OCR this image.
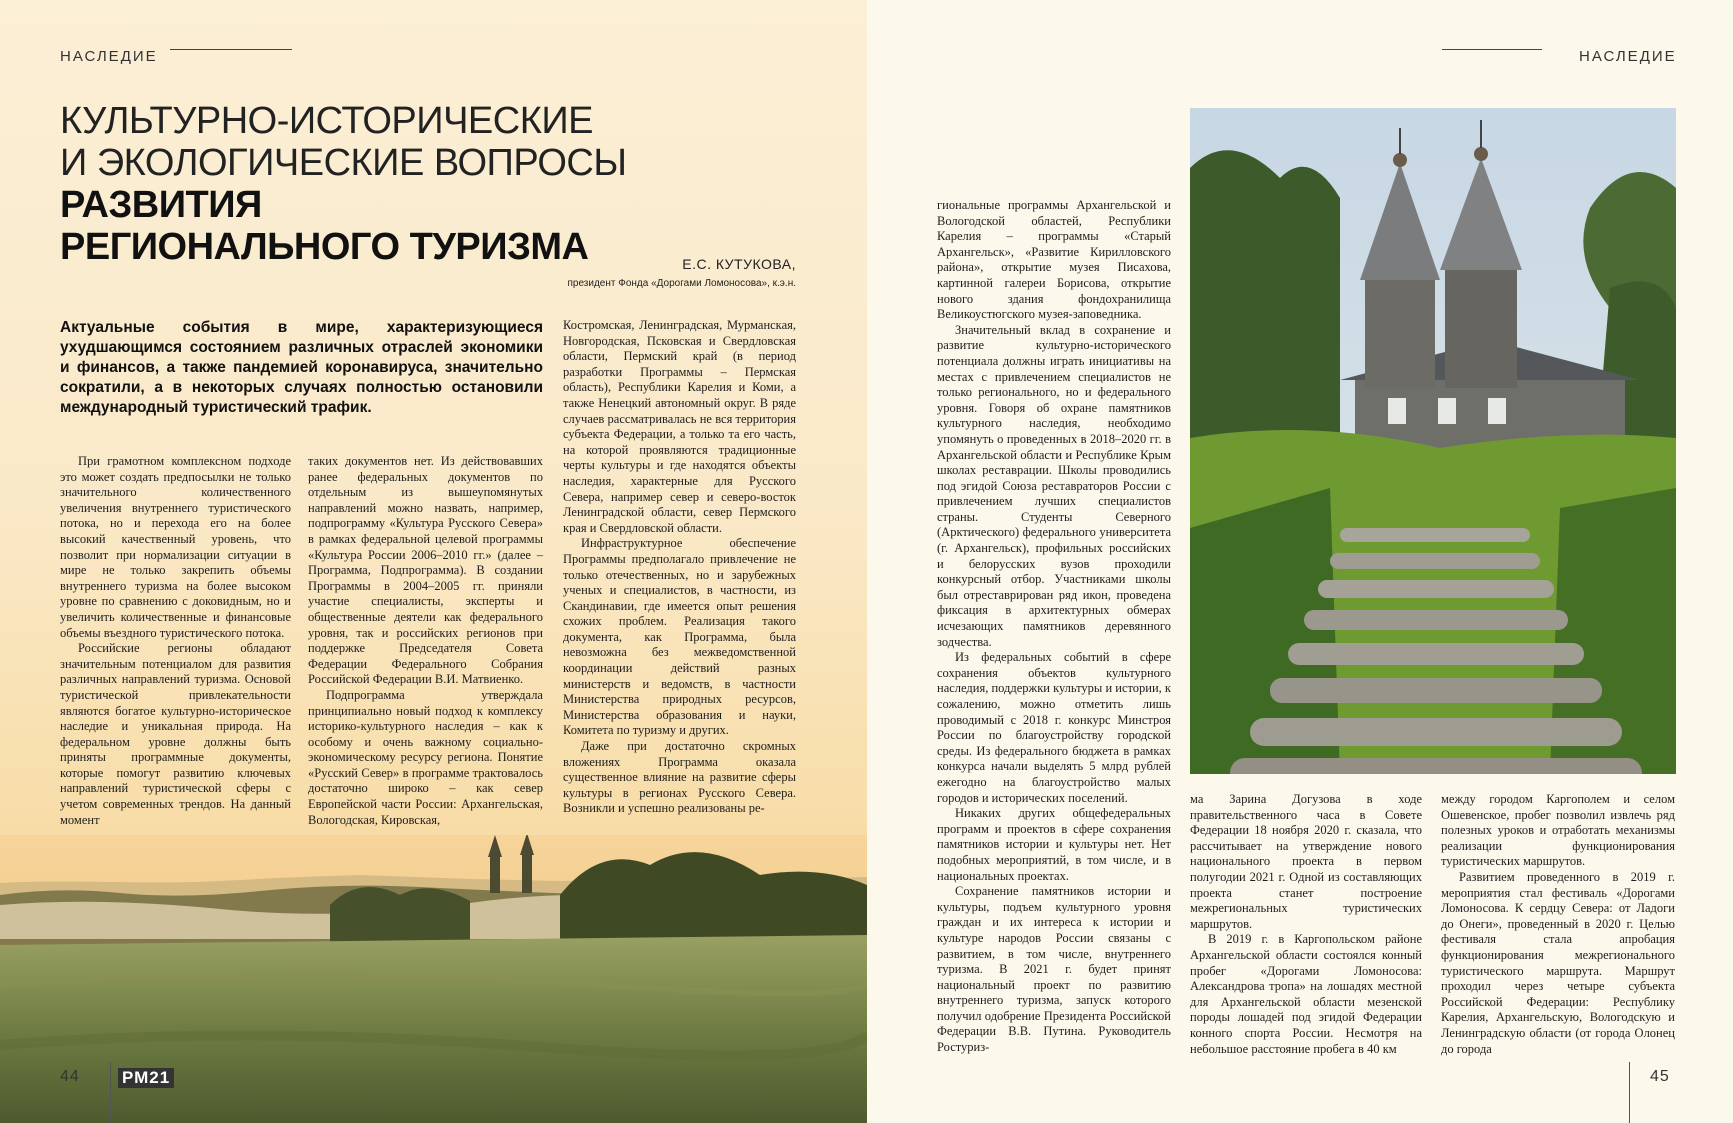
НАСЛЕДИЕ
КУЛЬТУРНО-ИСТОРИЧЕСКИЕ
И ЭКОЛОГИЧЕСКИЕ ВОПРОСЫ РАЗВИТИЯ
РЕГИОНАЛЬНОГО ТУРИЗМА	Е.С. КУТУКОВА,
президент Фонда «Дорогами Ломоносова», к.э.н.
Актуальные события в мире, характеризующиеся ухудшающимся состоянием различных отраслей экономики и финансов, а также пандемией коронавируса, значительно сократили, а в некоторых случаях полностью остановили международный туристический трафик.

При грамотном комплексном подходе это может создать предпосылки не только значительного количественного увеличения внутреннего туристического потока, но и перехода его на более высокий качественный уровень, что позволит при нормализации ситуации в мире не только закрепить объемы внутреннего туризма на более высоком уровне по сравнению с доковидным, но и увеличить количественные и финансовые объемы въездного туристического потока.

Российские регионы обладают значительным потенциалом для развития различных направлений туризма. Основой туристической привлекательности являются богатое культурно-историческое наследие и уникальная природа. На федеральном уровне должны быть приняты программные документы, которые помогут развитию ключевых направлений туристической сферы с учетом современных трендов. На данный момент

таких документов нет. Из действовавших ранее федеральных документов по отдельным из вышеупомянутых направлений можно назвать, например, подпрограмму «Культура Русского Севера» в рамках федеральной целевой программы «Культура России 2006–2010 гг.» (далее – Программа, Подпрограмма). В создании Программы в 2004–2005 гг. приняли участие специалисты, эксперты и общественные деятели как федерального уровня, так и российских регионов при поддержке Председателя Совета Федерации Федерального Собрания Российской Федерации В.И. Матвиенко.

Подпрограмма утверждала принципиально новый подход к комплексу историко-культурного наследия – как к особому и очень важному социально-экономическому ресурсу региона. Понятие «Русский Север» в программе трактовалось достаточно широко – как север Европейской части России: Архангельская, Вологодская, Кировская,

Костромская, Ленинградская, Мурманская, Новгородская, Псковская и Свердловская области, Пермский край (в период разработки Программы – Пермская область), Республики Карелия и Коми, а также Ненецкий автономный округ. В ряде случаев рассматривалась не вся территория субъекта Федерации, а только та его часть, на которой проявляются традиционные черты культуры и где находятся объекты наследия, характерные для Русского Севера, например север и северо-восток Ленинградской области, север Пермского края и Свердловской области.

Инфраструктурное обеспечение Программы предполагало привлечение не только отечественных, но и зарубежных ученых и специалистов, в частности, из Скандинавии, где имеется опыт решения схожих проблем. Реализация такого документа, как Программа, была невозможна без межведомственной координации действий разных министерств и ведомств, в частности Министерства природных ресурсов, Министерства образования и науки, Комитета по туризму и других.

Даже при достаточно скромных вложениях Программа оказала существенное влияние на развитие сферы культуры в регионах Русского Севера. Возникли и успешно реализованы ре-

44 РМ21
НАСЛЕДИЕ

гиональные программы Архангельской и Вологодской областей, Республики Карелия – программы «Старый Архангельск», «Развитие Кирилловского района», открытие музея Писахова, картинной галереи Борисова, открытие нового здания фондохранилища Великоустюгского музея-заповедника.

Значительный вклад в сохранение и развитие культурно-исторического потенциала должны играть инициативы на местах с привлечением специалистов не только регионального, но и федерального уровня. Говоря об охране памятников культурного наследия, необходимо упомянуть о проведенных в 2018–2020 гг. в Архангельской области и Республике Крым школах реставрации. Школы проводились под эгидой Союза реставраторов России с привлечением лучших специалистов страны. Студенты Северного (Арктического) федерального университета (г. Архангельск), профильных российских и белорусских вузов проходили конкурсный отбор. Участниками школы был отреставрирован ряд икон, проведена фиксация в архитектурных обмерах исчезающих памятников деревянного зодчества.

Из федеральных событий в сфере сохранения объектов культурного наследия, поддержки культуры и истории, к сожалению, можно отметить лишь проводимый с 2018 г. конкурс Минстроя России по благоустройству городской среды. Из федерального бюджета в рамках конкурса начали выделять 5 млрд рублей ежегодно на благоустройство малых городов и исторических поселений.

Никаких других общефедеральных программ и проектов в сфере сохранения памятников истории и культуры нет. Нет подобных мероприятий, в том числе, и в национальных проектах.

Сохранение памятников истории и культуры, подъем культурного уровня граждан и их интереса к истории и культуре народов России связаны с развитием, в том числе, внутреннего туризма. В 2021 г. будет принят национальный проект по развитию внутреннего туризма, запуск которого получил одобрение Президента Российской Федерации В.В. Путина. Руководитель Ростуриз-

ма Зарина Догузова в ходе правительственного часа в Совете Федерации 18 ноября 2020 г. сказала, что рассчитывает на утверждение нового национального проекта в первом полугодии 2021 г. Одной из составляющих проекта станет построение межрегиональных туристических маршрутов.

В 2019 г. в Каргопольском районе Архангельской области состоялся конный пробег «Дорогами Ломоносова: Александрова тропа» на лошадях местной для Архангельской области мезенской породы лошадей под эгидой Федерации конного спорта России. Несмотря на небольшое расстояние пробега в 40 км

между городом Каргополем и селом Ошевенское, пробег позволил извлечь ряд полезных уроков и отработать механизмы реализации функционирования туристических маршрутов.

Развитием проведенного в 2019 г. мероприятия стал фестиваль «Дорогами Ломоносова. К сердцу Севера: от Ладоги до Онеги», проведенный в 2020 г. Целью фестиваля стала апробация функционирования межрегионального туристического маршрута. Маршрут проходил через четыре субъекта Российской Федерации: Республику Карелия, Архангельскую, Вологодскую и Ленинградскую области (от города Олонец до города

45
